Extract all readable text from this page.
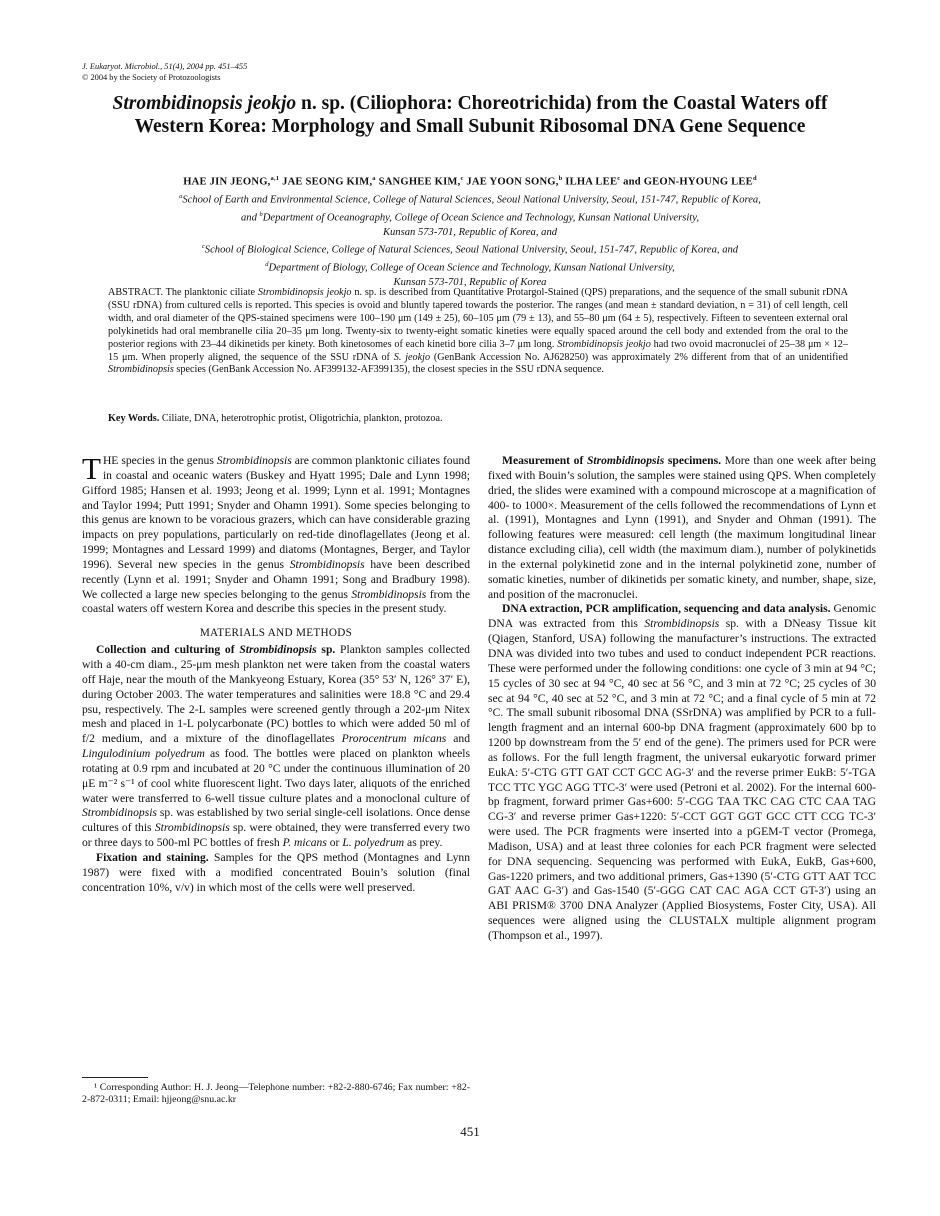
J. Eukaryot. Microbiol., 51(4), 2004 pp. 451–455
© 2004 by the Society of Protozoologists
Strombidinopsis jeokjo n. sp. (Ciliophora: Choreotrichida) from the Coastal Waters off Western Korea: Morphology and Small Subunit Ribosomal DNA Gene Sequence
HAE JIN JEONG,$^{a,1}$ JAE SEONG KIM,$^a$ SANGHEE KIM,$^c$ JAE YOON SONG,$^b$ ILHA LEE$^c$ and GEON-HYOUNG LEE$^d$
$^a$School of Earth and Environmental Science, College of Natural Sciences, Seoul National University, Seoul, 151-747, Republic of Korea,
and $^b$Department of Oceanography, College of Ocean Science and Technology, Kunsan National University,
Kunsan 573-701, Republic of Korea, and
$^c$School of Biological Science, College of Natural Sciences, Seoul National University, Seoul, 151-747, Republic of Korea, and
$^d$Department of Biology, College of Ocean Science and Technology, Kunsan National University,
Kunsan 573-701, Republic of Korea
ABSTRACT. The planktonic ciliate Strombidinopsis jeokjo n. sp. is described from Quantitative Protargol-Stained (QPS) preparations, and the sequence of the small subunit rDNA (SSU rDNA) from cultured cells is reported. This species is ovoid and bluntly tapered towards the posterior. The ranges (and mean ± standard deviation, n = 31) of cell length, cell width, and oral diameter of the QPS-stained specimens were 100–190 μm (149 ± 25), 60–105 μm (79 ± 13), and 55–80 μm (64 ± 5), respectively. Fifteen to seventeen external oral polykinetids had oral membranelle cilia 20–35 μm long. Twenty-six to twenty-eight somatic kineties were equally spaced around the cell body and extended from the oral to the posterior regions with 23–44 dikinetids per kinety. Both kinetosomes of each kinetid bore cilia 3–7 μm long. Strombidinopsis jeokjo had two ovoid macronuclei of 25–38 μm × 12–15 μm. When properly aligned, the sequence of the SSU rDNA of S. jeokjo (GenBank Accession No. AJ628250) was approximately 2% different from that of an unidentified Strombidinopsis species (GenBank Accession No. AF399132-AF399135), the closest species in the SSU rDNA sequence.
Key Words. Ciliate, DNA, heterotrophic protist, Oligotrichia, plankton, protozoa.

THE species in the genus Strombidinopsis are common planktonic ciliates found in coastal and oceanic waters (Buskey and Hyatt 1995; Dale and Lynn 1998; Gifford 1985; Hansen et al. 1993; Jeong et al. 1999; Lynn et al. 1991; Montagnes and Taylor 1994; Putt 1991; Snyder and Ohamn 1991). Some species belonging to this genus are known to be voracious grazers, which can have considerable grazing impacts on prey populations, particularly on red-tide dinoflagellates (Jeong et al. 1999; Montagnes and Lessard 1999) and diatoms (Montagnes, Berger, and Taylor 1996). Several new species in the genus Strombidinopsis have been described recently (Lynn et al. 1991; Snyder and Ohamn 1991; Song and Bradbury 1998). We collected a large new species belonging to the genus Strombidinopsis from the coastal waters off western Korea and describe this species in the present study.

MATERIALS AND METHODS

Collection and culturing of Strombidinopsis sp. Plankton samples collected with a 40-cm diam., 25-μm mesh plankton net were taken from the coastal waters off Haje, near the mouth of the Mankyeong Estuary, Korea (35° 53′ N, 126° 37′ E), during October 2003. The water temperatures and salinities were 18.8 °C and 29.4 psu, respectively. The 2-L samples were screened gently through a 202-μm Nitex mesh and placed in 1-L polycarbonate (PC) bottles to which were added 50 ml of f/2 medium, and a mixture of the dinoflagellates Prorocentrum micans and Lingulodinium polyedrum as food. The bottles were placed on plankton wheels rotating at 0.9 rpm and incubated at 20 °C under the continuous illumination of 20 μE m⁻² s⁻¹ of cool white fluorescent light. Two days later, aliquots of the enriched water were transferred to 6-well tissue culture plates and a monoclonal culture of Strombidinopsis sp. was established by two serial single-cell isolations. Once dense cultures of this Strombidinopsis sp. were obtained, they were transferred every two or three days to 500-ml PC bottles of fresh P. micans or L. polyedrum as prey.

Fixation and staining. Samples for the QPS method (Montagnes and Lynn 1987) were fixed with a modified concentrated Bouin’s solution (final concentration 10%, v/v) in which most of the cells were well preserved.

¹ Corresponding Author: H. J. Jeong—Telephone number: +82-2-880-6746; Fax number: +82-2-872-0311; Email: hjjeong@snu.ac.kr

Measurement of Strombidinopsis specimens. More than one week after being fixed with Bouin’s solution, the samples were stained using QPS. When completely dried, the slides were examined with a compound microscope at a magnification of 400- to 1000×. Measurement of the cells followed the recommendations of Lynn et al. (1991), Montagnes and Lynn (1991), and Snyder and Ohman (1991). The following features were measured: cell length (the maximum longitudinal linear distance excluding cilia), cell width (the maximum diam.), number of polykinetids in the external polykinetid zone and in the internal polykinetid zone, number of somatic kineties, number of dikinetids per somatic kinety, and number, shape, size, and position of the macronuclei.

DNA extraction, PCR amplification, sequencing and data analysis. Genomic DNA was extracted from this Strombidinopsis sp. with a DNeasy Tissue kit (Qiagen, Stanford, USA) following the manufacturer’s instructions. The extracted DNA was divided into two tubes and used to conduct independent PCR reactions. These were performed under the following conditions: one cycle of 3 min at 94 °C; 15 cycles of 30 sec at 94 °C, 40 sec at 56 °C, and 3 min at 72 °C; 25 cycles of 30 sec at 94 °C, 40 sec at 52 °C, and 3 min at 72 °C; and a final cycle of 5 min at 72 °C. The small subunit ribosomal DNA (SSrDNA) was amplified by PCR to a full-length fragment and an internal 600-bp DNA fragment (approximately 600 bp to 1200 bp downstream from the 5′ end of the gene). The primers used for PCR were as follows. For the full length fragment, the universal eukaryotic forward primer EukA: 5′-CTG GTT GAT CCT GCC AG-3′ and the reverse primer EukB: 5′-TGA TCC TTC YGC AGG TTC-3′ were used (Petroni et al. 2002). For the internal 600-bp fragment, forward primer Gas+600: 5′-CGG TAA TKC CAG CTC CAA TAG CG-3′ and reverse primer Gas+1220: 5′-CCT GGT GGT GCC CTT CCG TC-3′ were used. The PCR fragments were inserted into a pGEM-T vector (Promega, Madison, USA) and at least three colonies for each PCR fragment were selected for DNA sequencing. Sequencing was performed with EukA, EukB, Gas+600, Gas-1220 primers, and two additional primers, Gas+1390 (5′-CTG GTT AAT TCC GAT AAC G-3′) and Gas-1540 (5′-GGG CAT CAC AGA CCT GT-3′) using an ABI PRISM® 3700 DNA Analyzer (Applied Biosystems, Foster City, USA). All sequences were aligned using the CLUSTALX multiple alignment program (Thompson et al., 1997).

451
